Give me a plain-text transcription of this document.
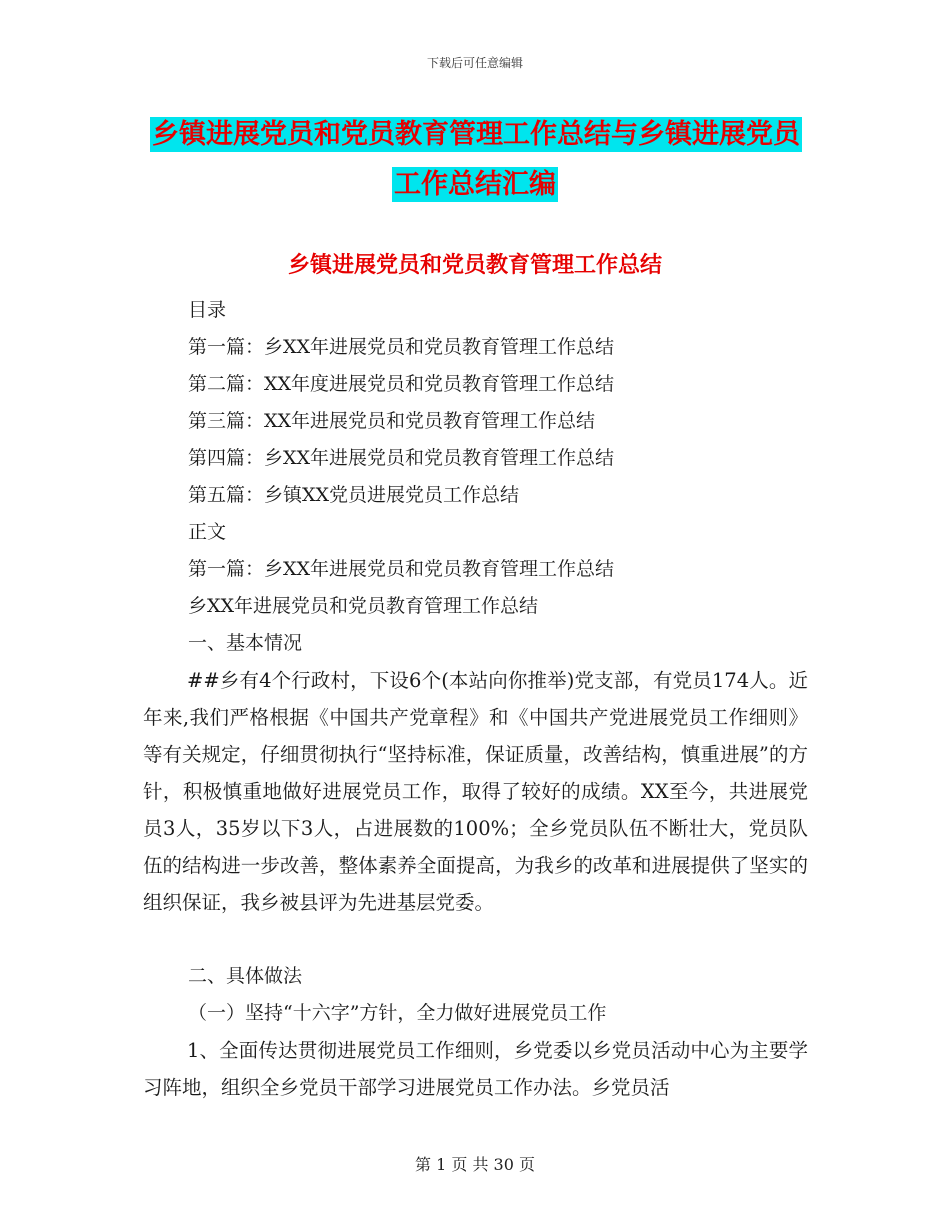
下载后可任意编辑
乡镇进展党员和党员教育管理工作总结与乡镇进展党员工作总结汇编
乡镇进展党员和党员教育管理工作总结
目录
第一篇：乡XX年进展党员和党员教育管理工作总结
第二篇：XX年度进展党员和党员教育管理工作总结
第三篇：XX年进展党员和党员教育管理工作总结
第四篇：乡XX年进展党员和党员教育管理工作总结
第五篇：乡镇XX党员进展党员工作总结
正文
第一篇：乡XX年进展党员和党员教育管理工作总结
乡XX年进展党员和党员教育管理工作总结
一、基本情况

##乡有4个行政村，下设6个(本站向你推举)党支部，有党员174人。近年来,我们严格根据《中国共产党章程》和《中国共产党进展党员工作细则》等有关规定，仔细贯彻执行“坚持标准，保证质量，改善结构，慎重进展”的方针，积极慎重地做好进展党员工作，取得了较好的成绩。XX至今，共进展党员3人，35岁以下3人，占进展数的100%；全乡党员队伍不断壮大，党员队伍的结构进一步改善，整体素养全面提高，为我乡的改革和进展提供了坚实的组织保证，我乡被县评为先进基层党委。

二、具体做法
（一）坚持“十六字”方针，全力做好进展党员工作

1、全面传达贯彻进展党员工作细则，乡党委以乡党员活动中心为主要学习阵地，组织全乡党员干部学习进展党员工作办法。乡党员活

第 1 页 共 30 页
